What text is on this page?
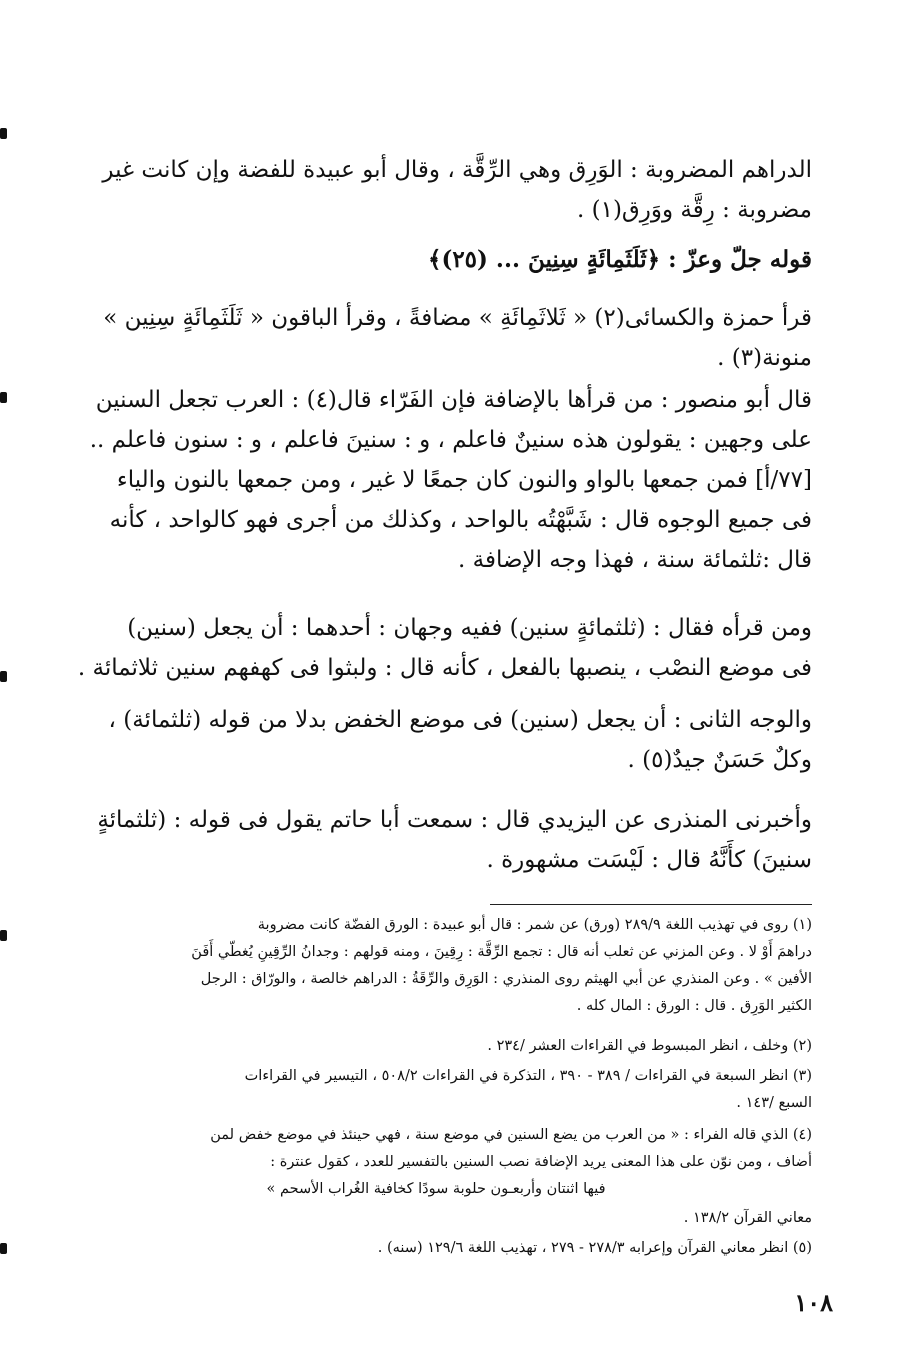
الدراهم المضروبة : الوَرِق وهي الرِّقَّة ، وقال أبو عبيدة للفضة وإن كانت غير
مضروبة : رِقَّة ووَرِق(١) .
قوله جلّ وعزّ : ﴿ثَلَثَمِائَةٍ سِنِينَ ... (٢٥)﴾
قرأ حمزة والكسائى(٢) « ثَلاثَمِائَةِ » مضافةً ، وقرأ الباقون « ثَلَثَمِائَةٍ سِنِين »
منونة(٣) .
قال أبو منصور : من قرأها بالإضافة فإن الفَرّاء قال(٤) : العرب تجعل السنين
على وجهين : يقولون هذه سنينٌ فاعلم ، و : سنينَ فاعلم ، و : سنون فاعلم ..
[٧٧/أ] فمن جمعها بالواو والنون كان جمعًا لا غير ، ومن جمعها بالنون والياء
فى جميع الوجوه قال : شَبَّهْتُه بالواحد ، وكذلك من أجرى فهو كالواحد ، كأنه
قال :ثلثمائة سنة ، فهذا وجه الإضافة .
ومن قرأه فقال : (ثلثمائةٍ سنين) ففيه وجهان : أحدهما : أن يجعل (سنين)
فى موضع النصْب ، ينصبها بالفعل ، كأنه قال : ولبثوا فى كهفهم سنين ثلاثمائة .
والوجه الثانى : أن يجعل (سنين) فى موضع الخفض بدلا من قوله (ثلثمائة) ،
وكلٌ حَسَنٌ جيدٌ(٥) .
وأخبرنى المنذرى عن اليزيدي قال : سمعت أبا حاتم يقول فى قوله : (ثلثمائةٍ
سنينَ) كأَنَّهُ قال : لَيْسَت مشهورة .
(١) روى في تهذيب اللغة ٢٨٩/٩ (ورق) عن شمر : قال أبو عبيدة : الورق الفضّة كانت مضروبة
دراهمَ أَوْ لا . وعن المزني عن ثعلب أنه قال : تجمع الرِّقَّة : رِقِينَ ، ومنه قولهم : وجدانُ الرِّقِينِ يُغطّي أَفَنَ
الأفين » . وعن المنذري عن أبي الهيثم روى المنذري : الوَرِق والرِّقَةُ : الدراهم خالصة ، والورّاق : الرجل
الكثير الوَرِق . قال : الورق : المال كله .
(٢) وخلف ، انظر المبسوط في القراءات العشر /٢٣٤ .
(٣) انظر السبعة في القراءات / ٣٨٩ - ٣٩٠ ، التذكرة في القراءات ٥٠٨/٢ ، التيسير في القراءات
السبع /١٤٣ .
(٤) الذي قاله الفراء : « من العرب من يضع السنين في موضع سنة ، فهي حينئذ في موضع خفض لمن
أضاف ، ومن نوّن على هذا المعنى يريد الإضافة نصب السنين بالتفسير للعدد ، كقول عنترة :
فيها اثنتان وأربعـون حلوبة سودًا كخافية الغُراب الأسحم »
معاني القرآن ١٣٨/٢ .
(٥) انظر معاني القرآن وإعرابه ٢٧٨/٣ - ٢٧٩ ، تهذيب اللغة ١٢٩/٦ (سنه) .
١٠٨
